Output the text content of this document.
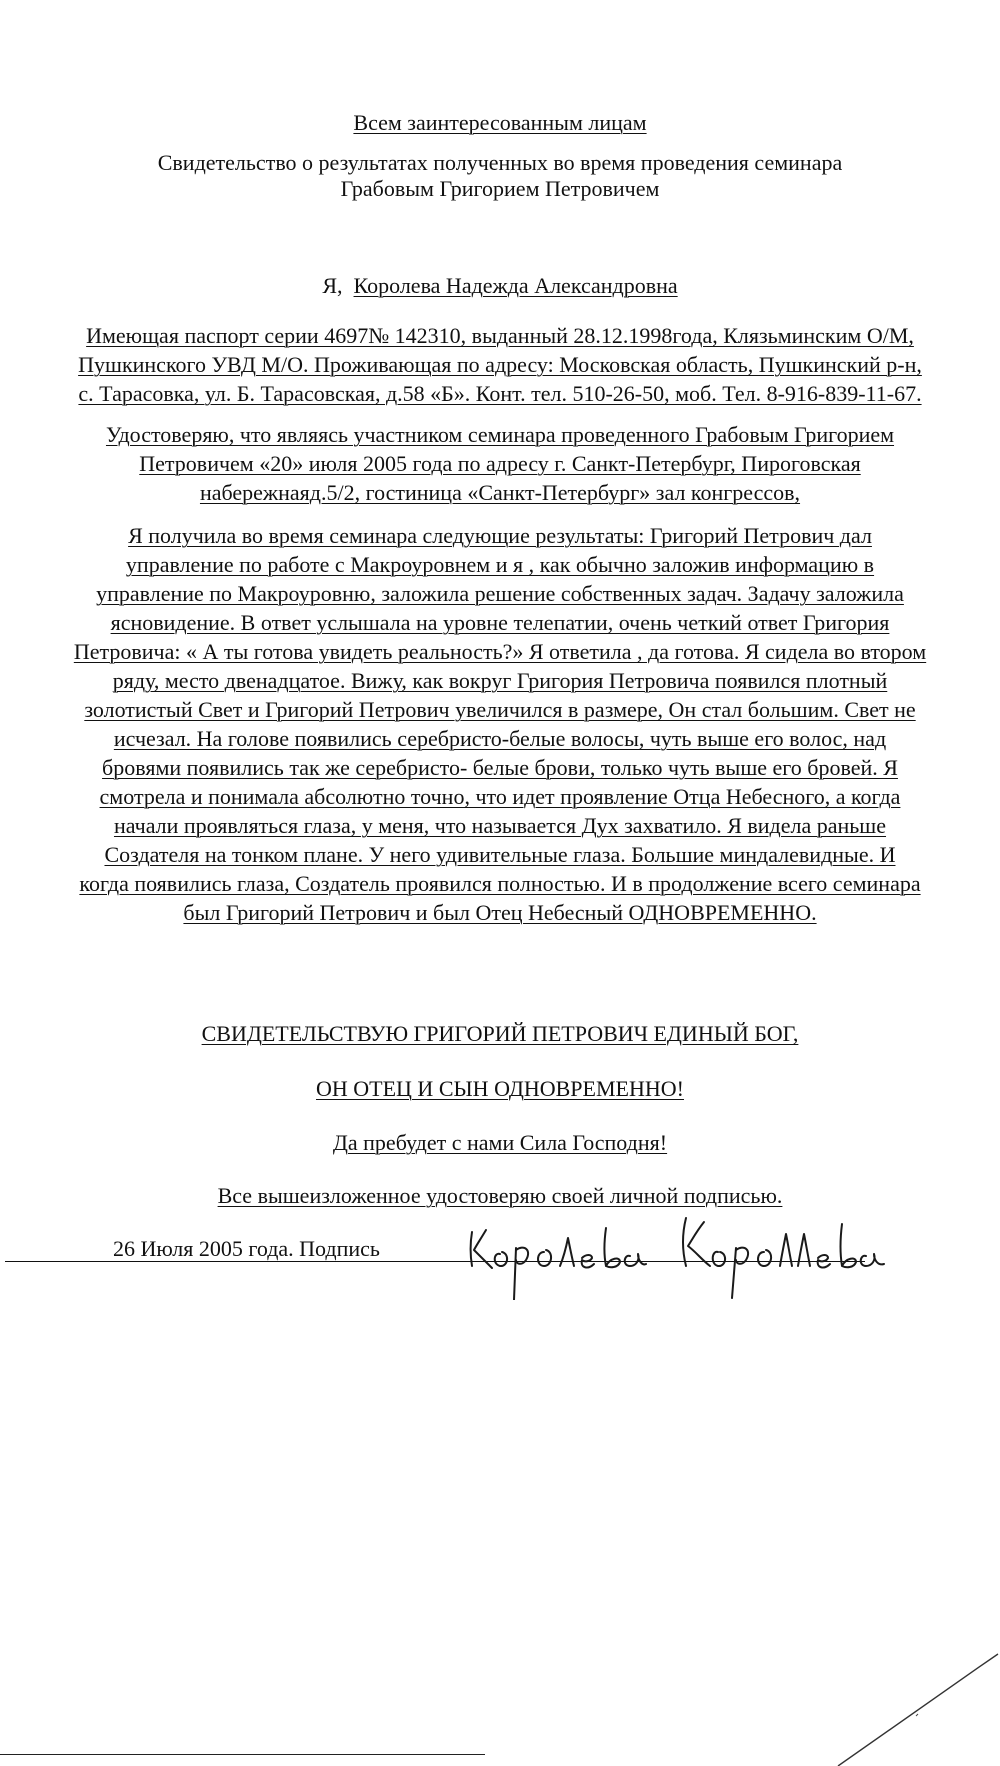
Всем заинтересованным лицам
Свидетельство о результатах полученных во время проведения семинара
Грабовым Григорием Петровичем
Я, Королева Надежда Александровна
Имеющая паспорт серии 4697№ 142310, выданный 28.12.1998года, Клязьминским О/М,
Пушкинского УВД М/О. Проживающая по адресу: Московская область, Пушкинский р-н,
с. Тарасовка, ул. Б. Тарасовская, д.58 «Б». Конт. тел. 510-26-50, моб. Тел. 8-916-839-11-67.
Удостоверяю, что являясь участником семинара проведенного Грабовым Григорием
Петровичем «20» июля 2005 года по адресу г. Санкт-Петербург, Пироговская
набережнаяд.5/2, гостиница «Санкт-Петербург» зал конгрессов,
Я получила во время семинара следующие результаты: Григорий Петрович дал
управление по работе с Макроуровнем и я , как обычно заложив информацию в
управление по Макроуровню, заложила решение собственных задач. Задачу заложила
ясновидение. В ответ услышала на уровне телепатии, очень четкий ответ Григория
Петровича: « А ты готова увидеть реальность?» Я ответила , да готова. Я сидела во втором
ряду, место двенадцатое. Вижу, как вокруг Григория Петровича появился плотный
золотистый Свет и Григорий Петрович увеличился в размере, Он стал большим. Свет не
исчезал. На голове появились серебристо-белые волосы, чуть выше его волос, над
бровями появились так же серебристо- белые брови, только чуть выше его бровей. Я
смотрела и понимала абсолютно точно, что идет проявление Отца Небесного, а когда
начали проявляться глаза, у меня, что называется Дух захватило. Я видела раньше
Создателя на тонком плане. У него удивительные глаза. Большие миндалевидные. И
когда появились глаза, Создатель проявился полностью. И в продолжение всего семинара
был Григорий Петрович и был Отец Небесный ОДНОВРЕМЕННО.
СВИДЕТЕЛЬСТВУЮ ГРИГОРИЙ ПЕТРОВИЧ ЕДИНЫЙ БОГ,
ОН ОТЕЦ И СЫН ОДНОВРЕМЕННО!
Да пребудет с нами Сила Господня!
Все вышеизложенное удостоверяю своей личной подписью.
26 Июля 2005 года. Подпись
